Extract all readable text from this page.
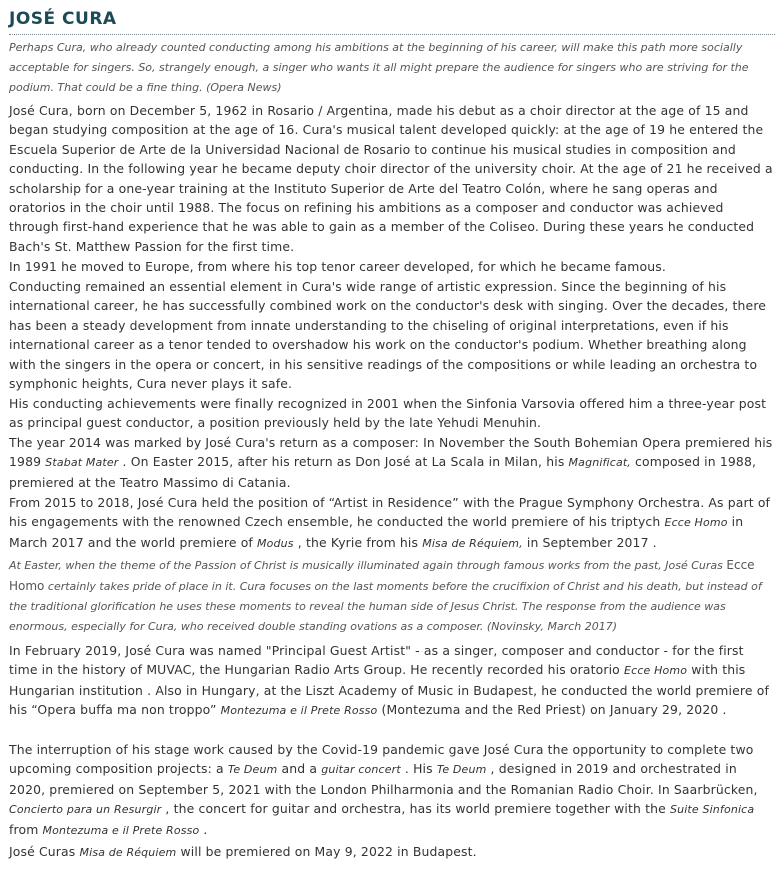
JOSÉ CURA

Perhaps Cura, who already counted conducting among his ambitions at the beginning of his career, will make this path more socially acceptable for singers. So, strangely enough, a singer who wants it all might prepare the audience for singers who are striving for the podium. That could be a fine thing. (Opera News)

José Cura, born on December 5, 1962 in Rosario / Argentina, made his debut as a choir director at the age of 15 and began studying composition at the age of 16. Cura's musical talent developed quickly: at the age of 19 he entered the Escuela Superior de Arte de la Universidad Nacional de Rosario to continue his musical studies in composition and conducting. In the following year he became deputy choir director of the university choir. At the age of 21 he received a scholarship for a one-year training at the Instituto Superior de Arte del Teatro Colón, where he sang operas and oratorios in the choir until 1988. The focus on refining his ambitions as a composer and conductor was achieved through first-hand experience that he was able to gain as a member of the Coliseo. During these years he conducted Bach's St. Matthew Passion for the first time.

In 1991 he moved to Europe, from where his top tenor career developed, for which he became famous.

Conducting remained an essential element in Cura's wide range of artistic expression. Since the beginning of his international career, he has successfully combined work on the conductor's desk with singing. Over the decades, there has been a steady development from innate understanding to the chiseling of original interpretations, even if his international career as a tenor tended to overshadow his work on the conductor's podium. Whether breathing along with the singers in the opera or concert, in his sensitive readings of the compositions or while leading an orchestra to symphonic heights, Cura never plays it safe.

His conducting achievements were finally recognized in 2001 when the Sinfonia Varsovia offered him a three-year post as principal guest conductor, a position previously held by the late Yehudi Menuhin.

The year 2014 was marked by José Cura's return as a composer: In November the South Bohemian Opera premiered his 1989 Stabat Mater . On Easter 2015, after his return as Don José at La Scala in Milan, his Magnificat, composed in 1988, premiered at the Teatro Massimo di Catania.

From 2015 to 2018, José Cura held the position of “Artist in Residence” with the Prague Symphony Orchestra. As part of his engagements with the renowned Czech ensemble, he conducted the world premiere of his triptych Ecce Homo in March 2017 and the world premiere of Modus , the Kyrie from his Misa de Réquiem, in September 2017 .

At Easter, when the theme of the Passion of Christ is musically illuminated again through famous works from the past, José Curas Ecce Homo certainly takes pride of place in it. Cura focuses on the last moments before the crucifixion of Christ and his death, but instead of the traditional glorification he uses these moments to reveal the human side of Jesus Christ. The response from the audience was enormous, especially for Cura, who received double standing ovations as a composer. (Novinsky, March 2017)

In February 2019, José Cura was named "Principal Guest Artist" - as a singer, composer and conductor - for the first time in the history of MUVAC, the Hungarian Radio Arts Group. He recently recorded his oratorio Ecce Homo with this Hungarian institution . Also in Hungary, at the Liszt Academy of Music in Budapest, he conducted the world premiere of his “Opera buffa ma non troppo” Montezuma e il Prete Rosso (Montezuma and the Red Priest) on January 29, 2020 .

The interruption of his stage work caused by the Covid-19 pandemic gave José Cura the opportunity to complete two upcoming composition projects: a Te Deum and a guitar concert . His Te Deum , designed in 2019 and orchestrated in 2020, premiered on September 5, 2021 with the London Philharmonia and the Romanian Radio Choir. In Saarbrücken, Concierto para un Resurgir , the concert for guitar and orchestra, has its world premiere together with the Suite Sinfonica from Montezuma e il Prete Rosso .

José Curas Misa de Réquiem will be premiered on May 9, 2022 in Budapest.
